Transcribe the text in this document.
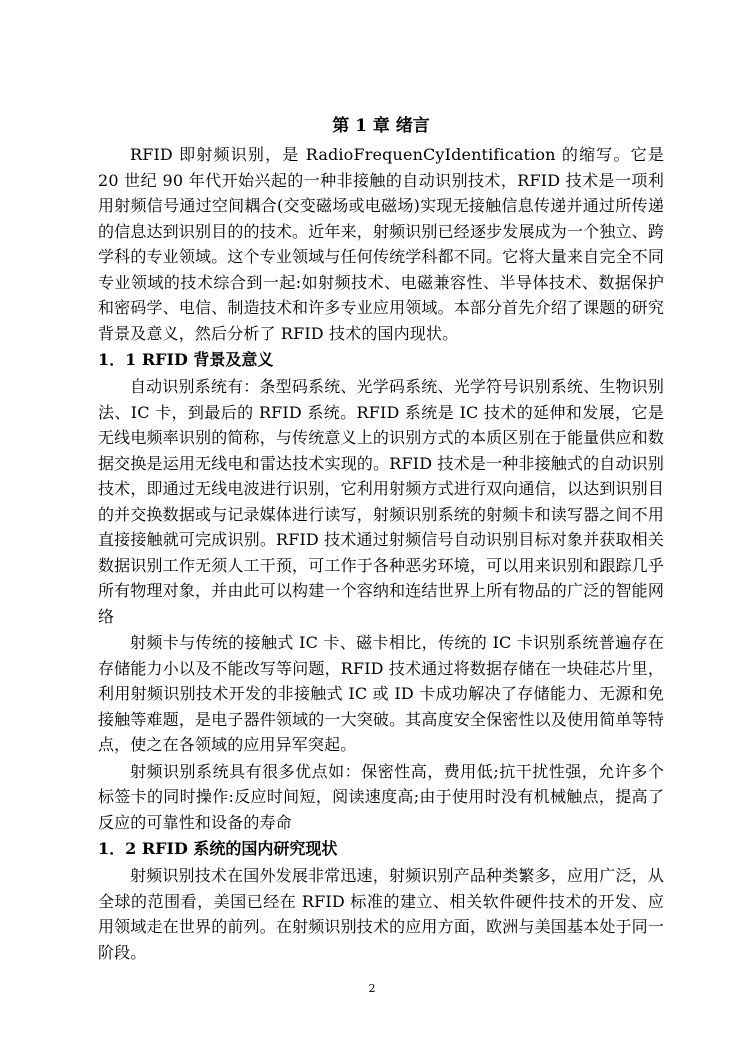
第 1 章 绪言

RFID 即射频识别，是 RadioFrequenCyIdentification 的缩写。它是 20 世纪 90 年代开始兴起的一种非接触的自动识别技术，RFID 技术是一项利用射频信号通过空间耦合(交变磁场或电磁场)实现无接触信息传递并通过所传递的信息达到识别目的的技术。近年来，射频识别已经逐步发展成为一个独立、跨学科的专业领域。这个专业领域与任何传统学科都不同。它将大量来自完全不同专业领域的技术综合到一起:如射频技术、电磁兼容性、半导体技术、数据保护和密码学、电信、制造技术和许多专业应用领域。本部分首先介绍了课题的研究背景及意义，然后分析了 RFID 技术的国内现状。

1．1 RFID 背景及意义

自动识别系统有：条型码系统、光学码系统、光学符号识别系统、生物识别法、IC 卡，到最后的 RFID 系统。RFID 系统是 IC 技术的延伸和发展，它是无线电频率识别的简称，与传统意义上的识别方式的本质区别在于能量供应和数据交换是运用无线电和雷达技术实现的。RFID 技术是一种非接触式的自动识别技术，即通过无线电波进行识别，它利用射频方式进行双向通信，以达到识别目的并交换数据或与记录媒体进行读写，射频识别系统的射频卡和读写器之间不用直接接触就可完成识别。RFID 技术通过射频信号自动识别目标对象并获取相关数据识别工作无须人工干预，可工作于各种恶劣环境，可以用来识别和跟踪几乎所有物理对象，并由此可以构建一个容纳和连结世界上所有物品的广泛的智能网络

射频卡与传统的接触式 IC 卡、磁卡相比，传统的 IC 卡识别系统普遍存在存储能力小以及不能改写等问题，RFID 技术通过将数据存储在一块硅芯片里，利用射频识别技术开发的非接触式 IC 或 ID 卡成功解决了存储能力、无源和免接触等难题，是电子器件领域的一大突破。其高度安全保密性以及使用简单等特点，使之在各领域的应用异军突起。

射频识别系统具有很多优点如：保密性高，费用低;抗干扰性强，允许多个标签卡的同时操作:反应时间短，阅读速度高;由于使用时没有机械触点，提高了反应的可靠性和设备的寿命

1．2 RFID 系统的国内研究现状

射频识别技术在国外发展非常迅速，射频识别产品种类繁多，应用广泛，从全球的范围看，美国已经在 RFID 标准的建立、相关软件硬件技术的开发、应用领域走在世界的前列。在射频识别技术的应用方面，欧洲与美国基本处于同一阶段。

2
